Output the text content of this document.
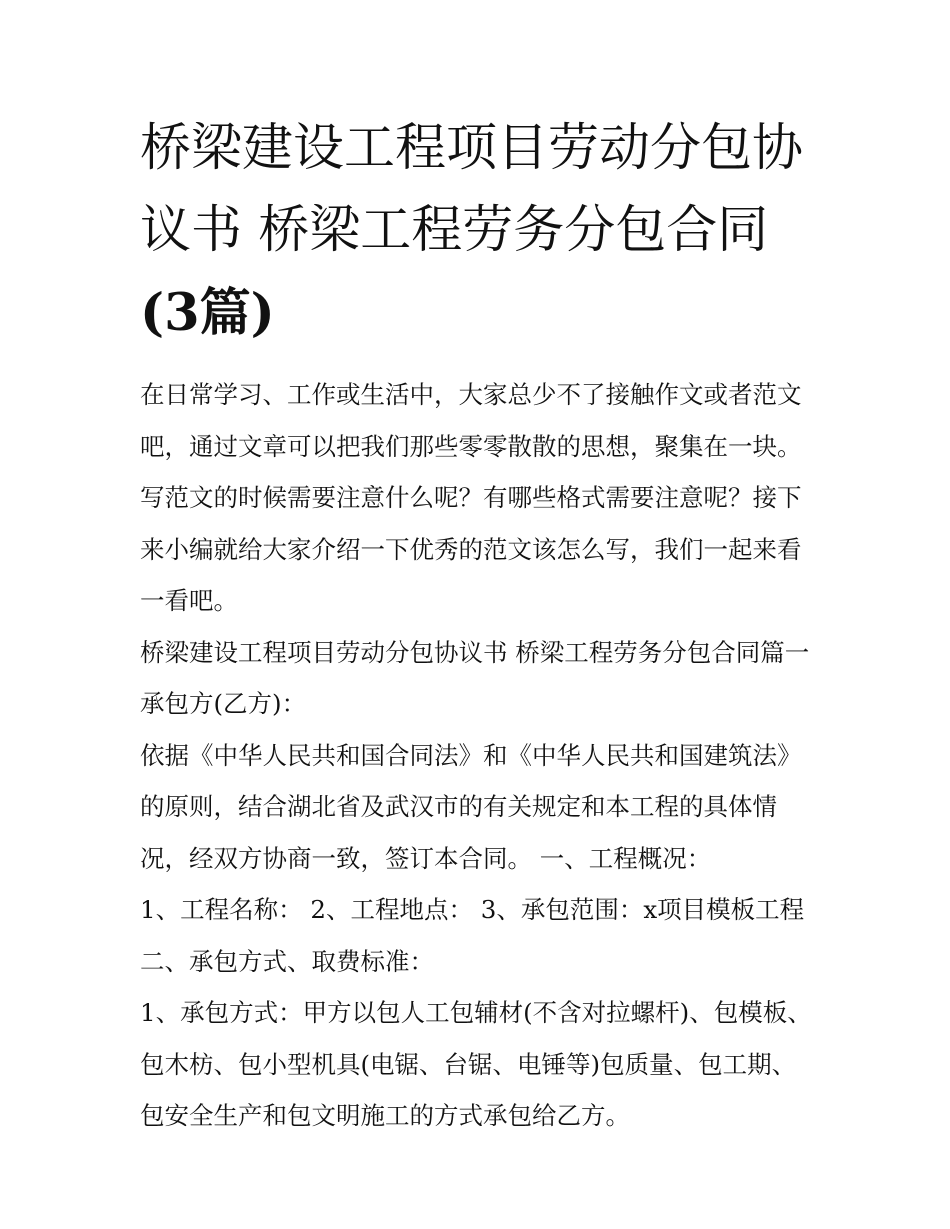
桥梁建设工程项目劳动分包协议书 桥梁工程劳务分包合同(3篇)

在日常学习、工作或生活中，大家总少不了接触作文或者范文吧，通过文章可以把我们那些零零散散的思想，聚集在一块。写范文的时候需要注意什么呢？有哪些格式需要注意呢？接下来小编就给大家介绍一下优秀的范文该怎么写，我们一起来看一看吧。

桥梁建设工程项目劳动分包协议书 桥梁工程劳务分包合同篇一 承包方(乙方)：

依据《中华人民共和国合同法》和《中华人民共和国建筑法》的原则，结合湖北省及武汉市的有关规定和本工程的具体情况，经双方协商一致，签订本合同。 一、工程概况：

1、工程名称： 2、工程地点： 3、承包范围：x项目模板工程

二、承包方式、取费标准：

1、承包方式：甲方以包人工包辅材(不含对拉螺杆)、包模板、包木枋、包小型机具(电锯、台锯、电锤等)包质量、包工期、包安全生产和包文明施工的方式承包给乙方。
